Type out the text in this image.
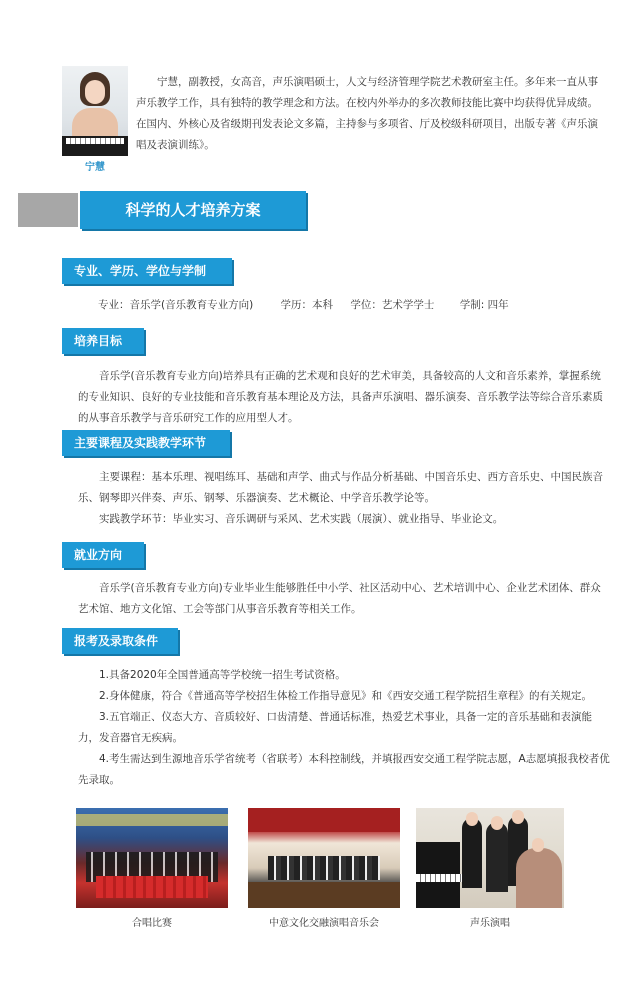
宁慧

宁慧，副教授，女高音，声乐演唱硕士，人文与经济管理学院艺术教研室主任。多年来一直从事声乐教学工作，具有独特的教学理念和方法。在校内外举办的多次教师技能比赛中均获得优异成绩。在国内、外核心及省级期刊发表论文多篇，主持参与多项省、厅及校级科研项目，出版专著《声乐演唱及表演训练》。

科学的人才培养方案
专业、学历、学位与学制
专业：音乐学(音乐教育专业方向)	学历：本科 学位：艺术学学士 学制: 四年
培养目标

音乐学(音乐教育专业方向)培养具有正确的艺术观和良好的艺术审美，具备较高的人文和音乐素养，掌握系统的专业知识、良好的专业技能和音乐教育基本理论及方法，具备声乐演唱、器乐演奏、音乐教学法等综合音乐素质的从事音乐教学与音乐研究工作的应用型人才。

主要课程及实践教学环节

主要课程：基本乐理、视唱练耳、基础和声学、曲式与作品分析基础、中国音乐史、西方音乐史、中国民族音乐、钢琴即兴伴奏、声乐、钢琴、乐器演奏、艺术概论、中学音乐教学论等。

实践教学环节：毕业实习、音乐调研与采风、艺术实践（展演）、就业指导、毕业论文。

就业方向

音乐学(音乐教育专业方向)专业毕业生能够胜任中小学、社区活动中心、艺术培训中心、企业艺术团体、群众艺术馆、地方文化馆、工会等部门从事音乐教育等相关工作。

报考及录取条件

1.具备2020年全国普通高等学校统一招生考试资格。

2.身体健康，符合《普通高等学校招生体检工作指导意见》和《西安交通工程学院招生章程》的有关规定。

3.五官端正、仪态大方、音质较好、口齿清楚、普通话标准，热爱艺术事业，具备一定的音乐基础和表演能力，发音器官无疾病。

4.考生需达到生源地音乐学省统考（省联考）本科控制线，并填报西安交通工程学院志愿，A志愿填报我校者优先录取。

合唱比赛	中意文化交融演唱音乐会	声乐演唱
